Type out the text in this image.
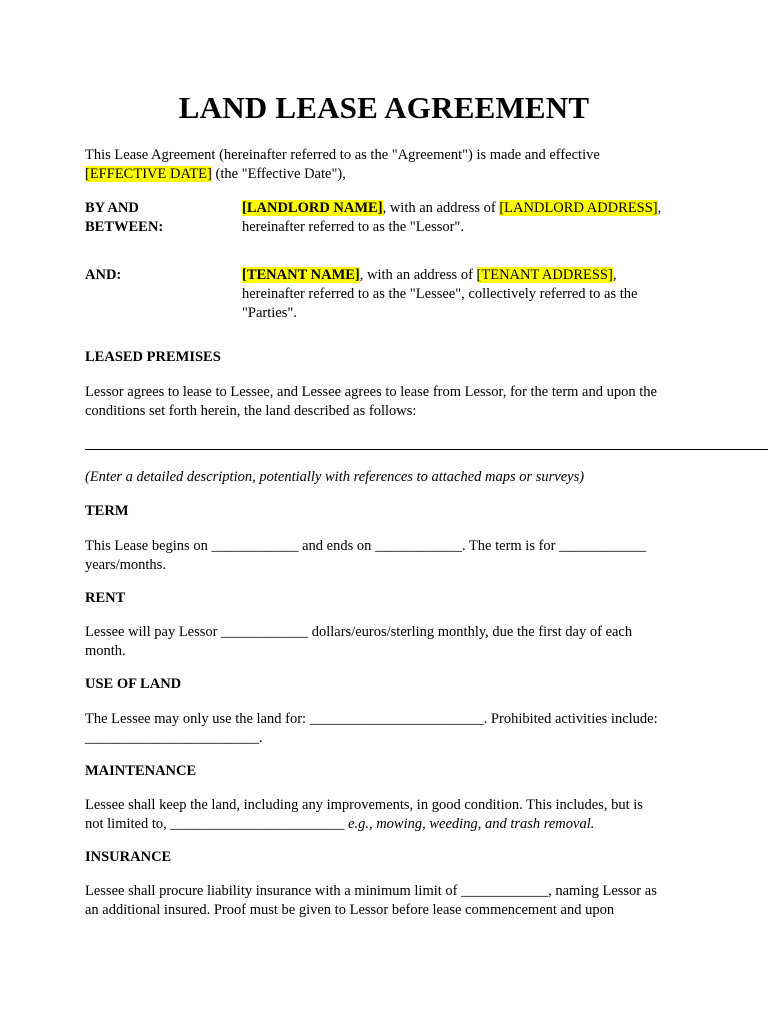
LAND LEASE AGREEMENT
This Lease Agreement (hereinafter referred to as the "Agreement") is made and effective
[EFFECTIVE DATE] (the "Effective Date"),
BY AND
BETWEEN:
[LANDLORD NAME], with an address of [LANDLORD ADDRESS],
hereinafter referred to as the "Lessor".
AND:	[TENANT NAME], with an address of [TENANT ADDRESS],
hereinafter referred to as the "Lessee", collectively referred to as the
"Parties".
LEASED PREMISES
Lessor agrees to lease to Lessee, and Lessee agrees to lease from Lessor, for the term and upon the
conditions set forth herein, the land described as follows:
(Enter a detailed description, potentially with references to attached maps or surveys)
TERM
This Lease begins on ____________ and ends on ____________. The term is for ____________
years/months.
RENT
Lessee will pay Lessor ____________ dollars/euros/sterling monthly, due the first day of each
month.
USE OF LAND
The Lessee may only use the land for: ________________________. Prohibited activities include:
________________________.
MAINTENANCE
Lessee shall keep the land, including any improvements, in good condition. This includes, but is
not limited to, ________________________ e.g., mowing, weeding, and trash removal.
INSURANCE
Lessee shall procure liability insurance with a minimum limit of ____________, naming Lessor as
an additional insured. Proof must be given to Lessor before lease commencement and upon
